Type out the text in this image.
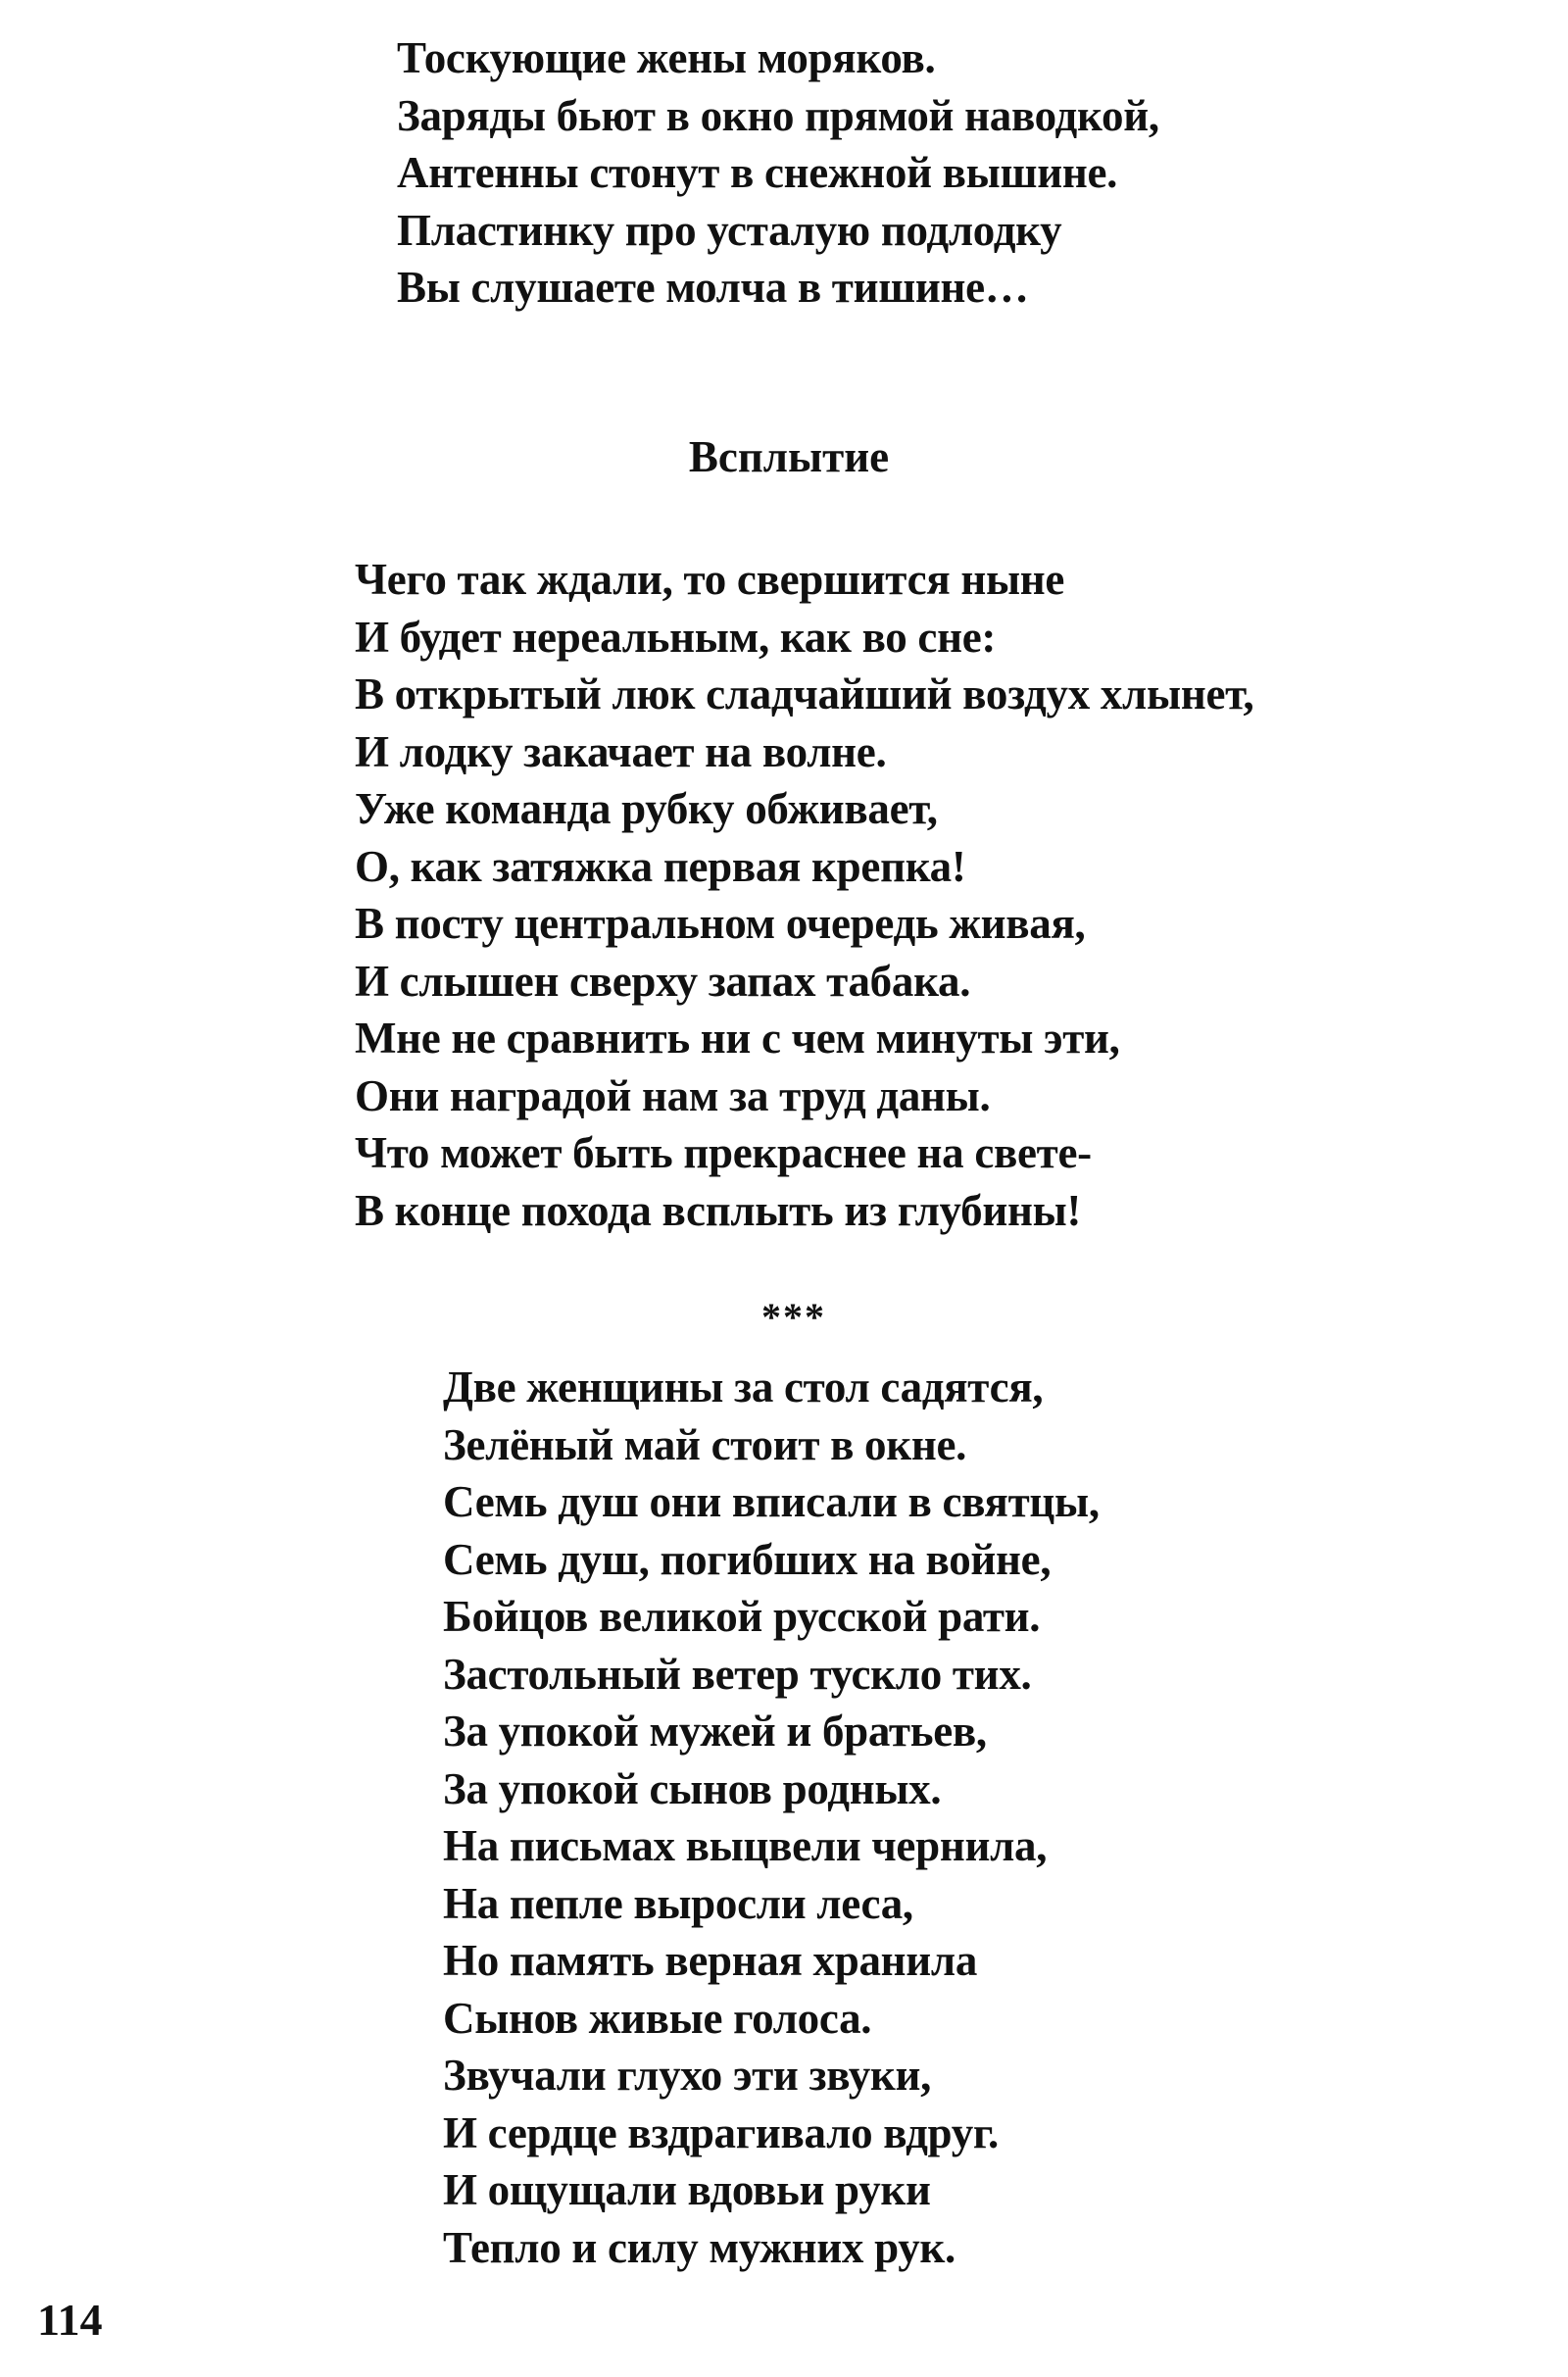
Тоскующие жены моряков.
Заряды бьют в окно прямой наводкой,
Антенны стонут в снежной вышине.
Пластинку про усталую подлодку
Вы слушаете молча в тишине…
Всплытие
Чего так ждали, то свершится ныне
И будет нереальным, как во сне:
В открытый люк сладчайший воздух хлынет,
И лодку закачает на волне.
Уже команда рубку обживает,
О, как затяжка первая крепка!
В посту центральном очередь живая,
И слышен сверху запах табака.
Мне не сравнить ни с чем минуты эти,
Они наградой нам за труд даны.
Что может быть прекраснее на свете-
В конце похода всплыть из глубины!
***
Две женщины за стол садятся,
Зелёный май стоит в окне.
Семь душ они вписали в святцы,
Семь душ, погибших на войне,
Бойцов великой русской рати.
Застольный ветер тускло тих.
За упокой мужей и братьев,
За упокой сынов родных.
На письмах выцвели чернила,
На пепле выросли леса,
Но память верная хранила
Сынов живые голоса.
Звучали глухо эти звуки,
И сердце вздрагивало вдруг.
И ощущали вдовьи руки
Тепло и силу мужних рук.
114
